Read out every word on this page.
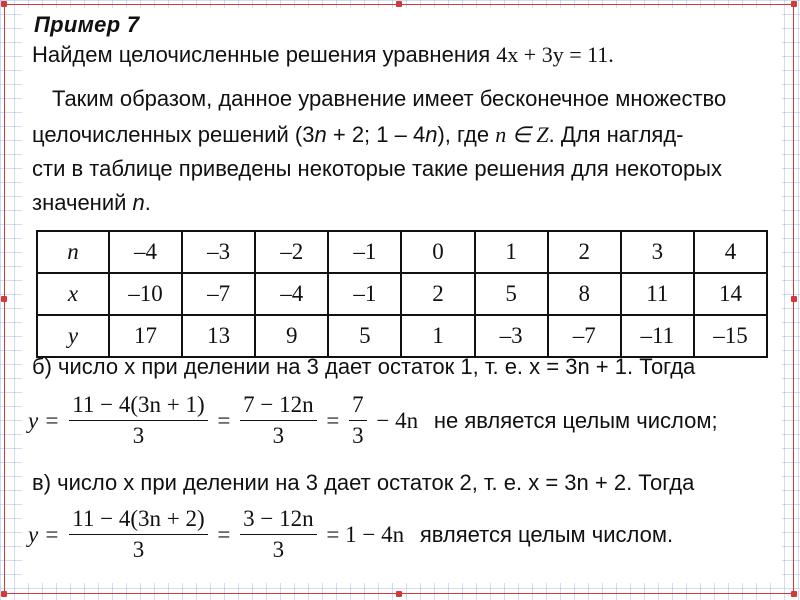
Пример 7
Найдем целочисленные решения уравнения 4x + 3y = 11.
Таким образом, данное уравнение имеет бесконечное множество
целочисленных решений (3n + 2; 1 – 4n), где n ∈ Z. Для нагляд-
сти в таблице приведены некоторые такие решения для некоторых
значений n.
n	–4	–3	–2	–1	0	1	2	3	4
x	–10	–7	–4	–1	2	5	8	11	14
y	17	13	9	5	1	–3	–7	–11	–15
б) число x при делении на 3 дает остаток 1, т. е. x = 3n + 1. Тогда
$y = \frac{11 - 4(3n + 1)}{3} = \frac{7 - 12n}{3} = \frac{7}{3} - 4n$ не является целым числом;
в) число x при делении на 3 дает остаток 2, т. е. x = 3n + 2. Тогда
$y = \frac{11 - 4(3n + 2)}{3} = \frac{3 - 12n}{3} = 1 - 4n$ является целым числом.
